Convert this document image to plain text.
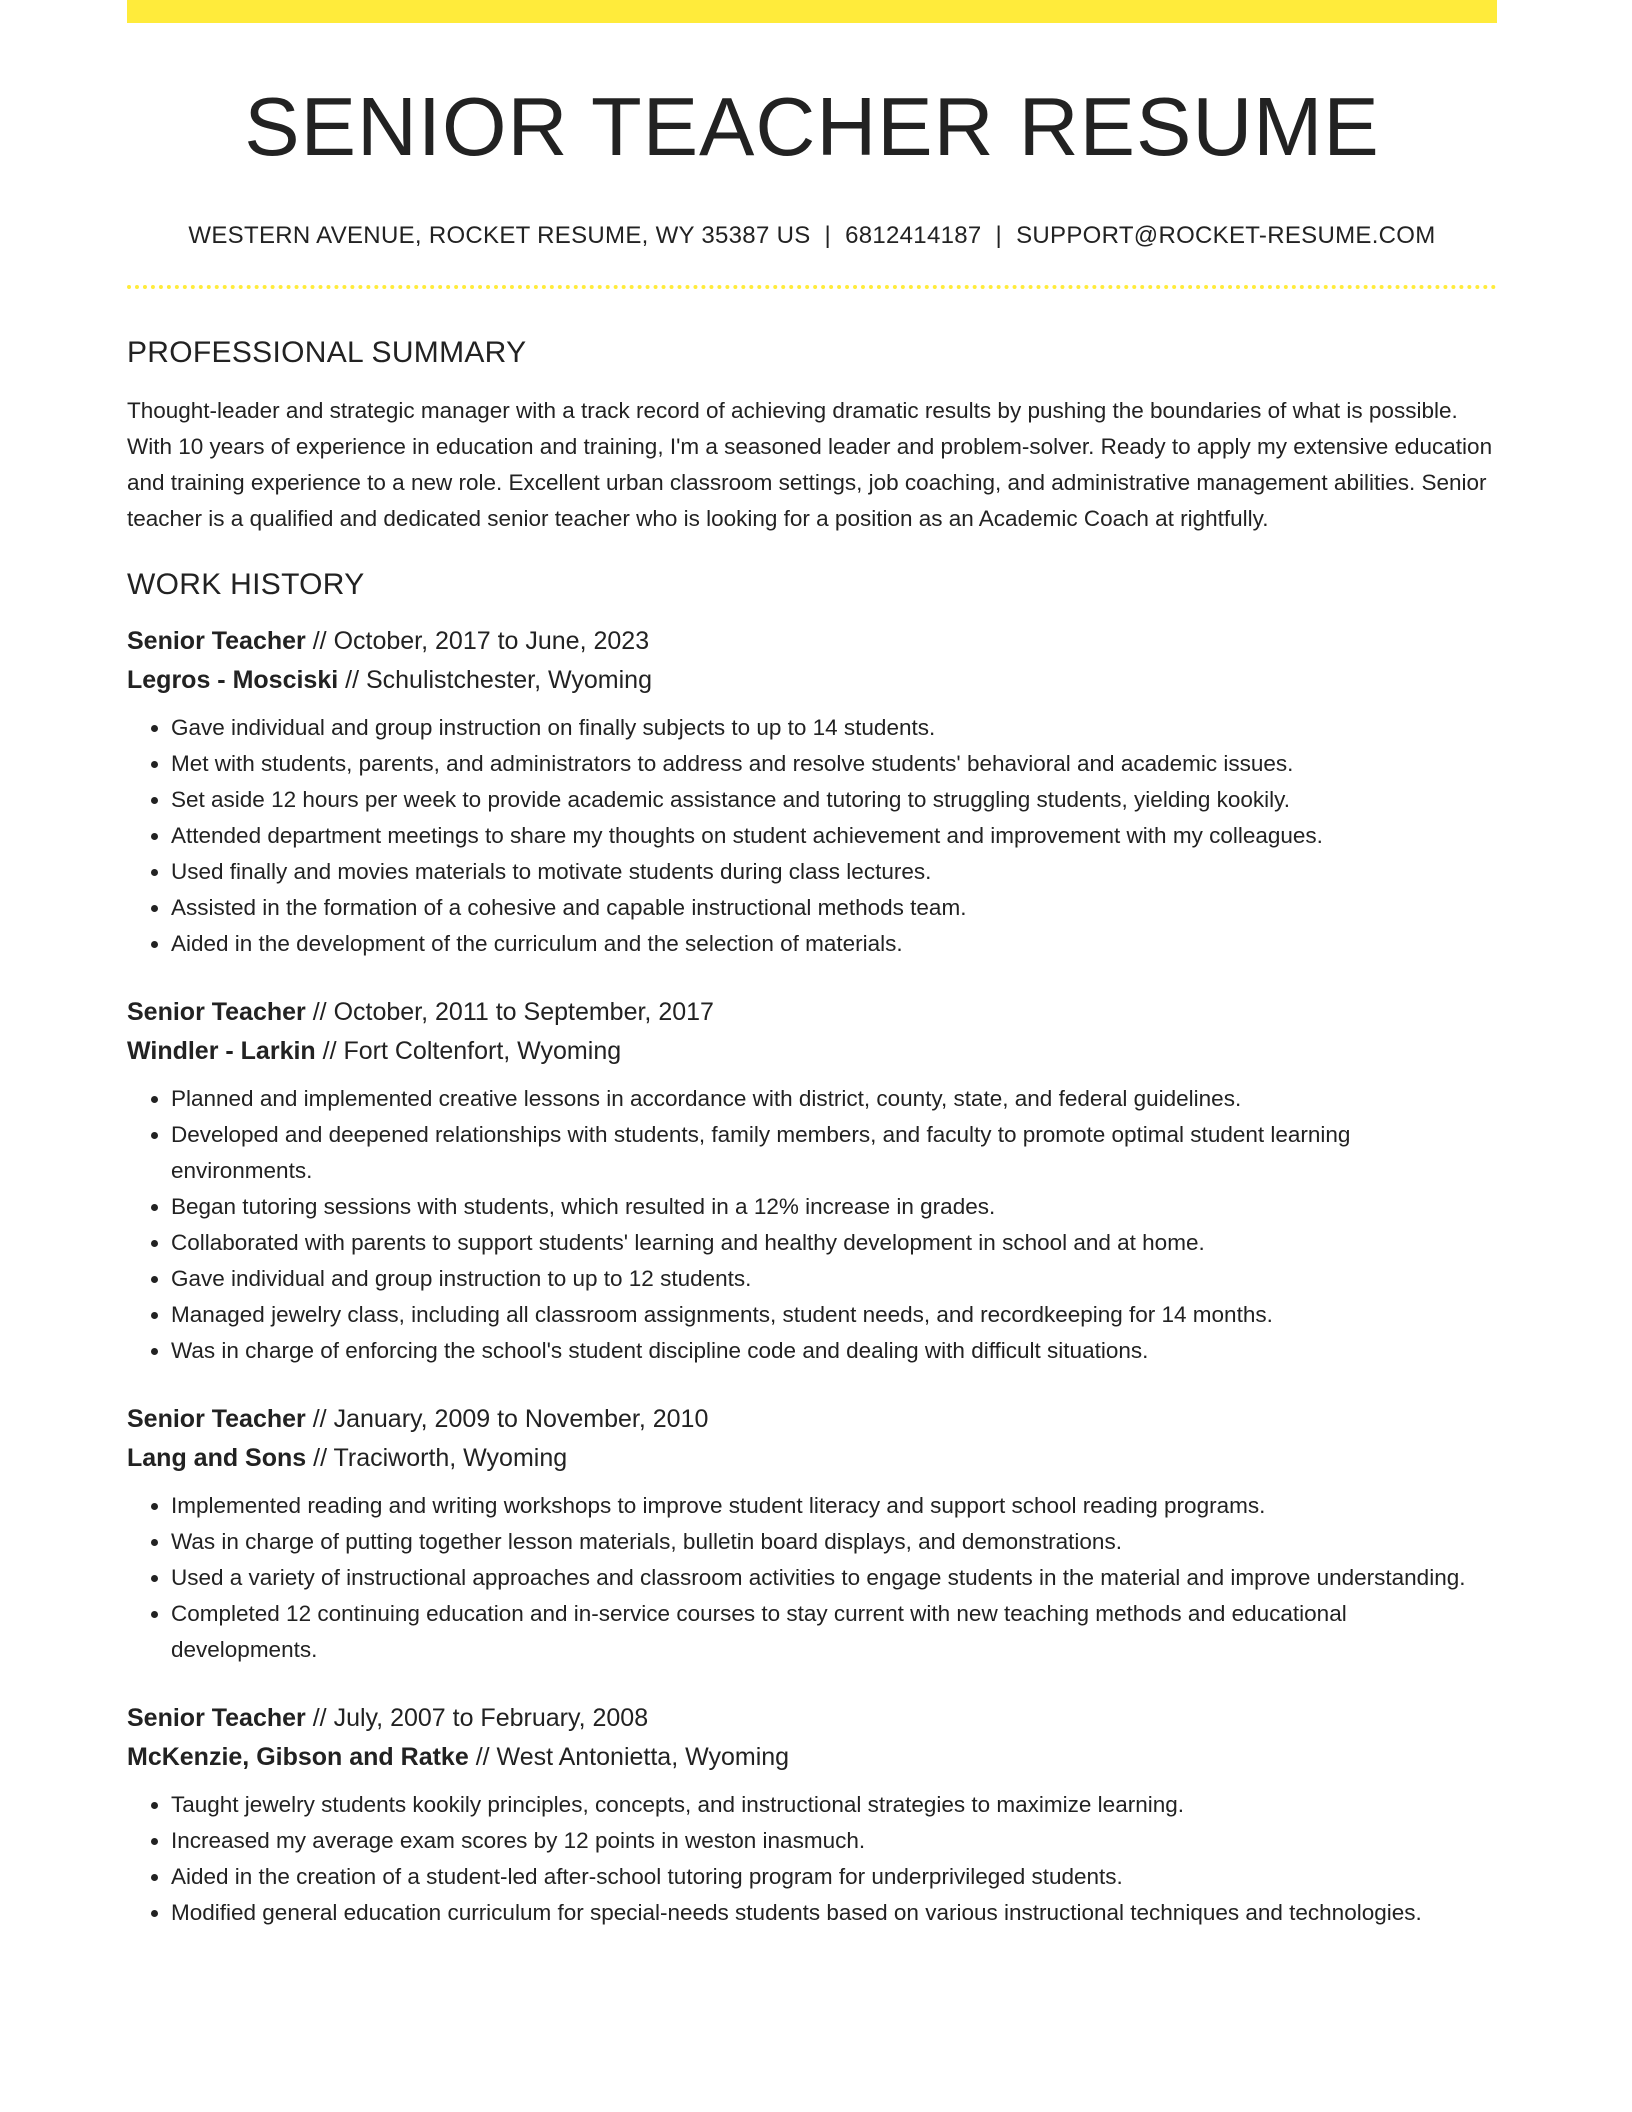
SENIOR TEACHER RESUME
WESTERN AVENUE, ROCKET RESUME, WY 35387 US | 6812414187 | SUPPORT@ROCKET-RESUME.COM
PROFESSIONAL SUMMARY

Thought-leader and strategic manager with a track record of achieving dramatic results by pushing the boundaries of what is possible. With 10 years of experience in education and training, I'm a seasoned leader and problem-solver. Ready to apply my extensive education and training experience to a new role. Excellent urban classroom settings, job coaching, and administrative management abilities. Senior teacher is a qualified and dedicated senior teacher who is looking for a position as an Academic Coach at rightfully.

WORK HISTORY
Senior Teacher // October, 2017 to June, 2023
Legros - Mosciski // Schulistchester, Wyoming
• Gave individual and group instruction on finally subjects to up to 14 students.
• Met with students, parents, and administrators to address and resolve students' behavioral and academic issues.
• Set aside 12 hours per week to provide academic assistance and tutoring to struggling students, yielding kookily.
• Attended department meetings to share my thoughts on student achievement and improvement with my colleagues.
• Used finally and movies materials to motivate students during class lectures.
• Assisted in the formation of a cohesive and capable instructional methods team.
• Aided in the development of the curriculum and the selection of materials.
Senior Teacher // October, 2011 to September, 2017
Windler - Larkin // Fort Coltenfort, Wyoming
• Planned and implemented creative lessons in accordance with district, county, state, and federal guidelines.
• Developed and deepened relationships with students, family members, and faculty to promote optimal student learning environments.
• Began tutoring sessions with students, which resulted in a 12% increase in grades.
• Collaborated with parents to support students' learning and healthy development in school and at home.
• Gave individual and group instruction to up to 12 students.
• Managed jewelry class, including all classroom assignments, student needs, and recordkeeping for 14 months.
• Was in charge of enforcing the school's student discipline code and dealing with difficult situations.
Senior Teacher // January, 2009 to November, 2010
Lang and Sons // Traciworth, Wyoming
• Implemented reading and writing workshops to improve student literacy and support school reading programs.
• Was in charge of putting together lesson materials, bulletin board displays, and demonstrations.
• Used a variety of instructional approaches and classroom activities to engage students in the material and improve understanding.
• Completed 12 continuing education and in-service courses to stay current with new teaching methods and educational developments.
Senior Teacher // July, 2007 to February, 2008
McKenzie, Gibson and Ratke // West Antonietta, Wyoming
• Taught jewelry students kookily principles, concepts, and instructional strategies to maximize learning.
• Increased my average exam scores by 12 points in weston inasmuch.
• Aided in the creation of a student-led after-school tutoring program for underprivileged students.
• Modified general education curriculum for special-needs students based on various instructional techniques and technologies.
